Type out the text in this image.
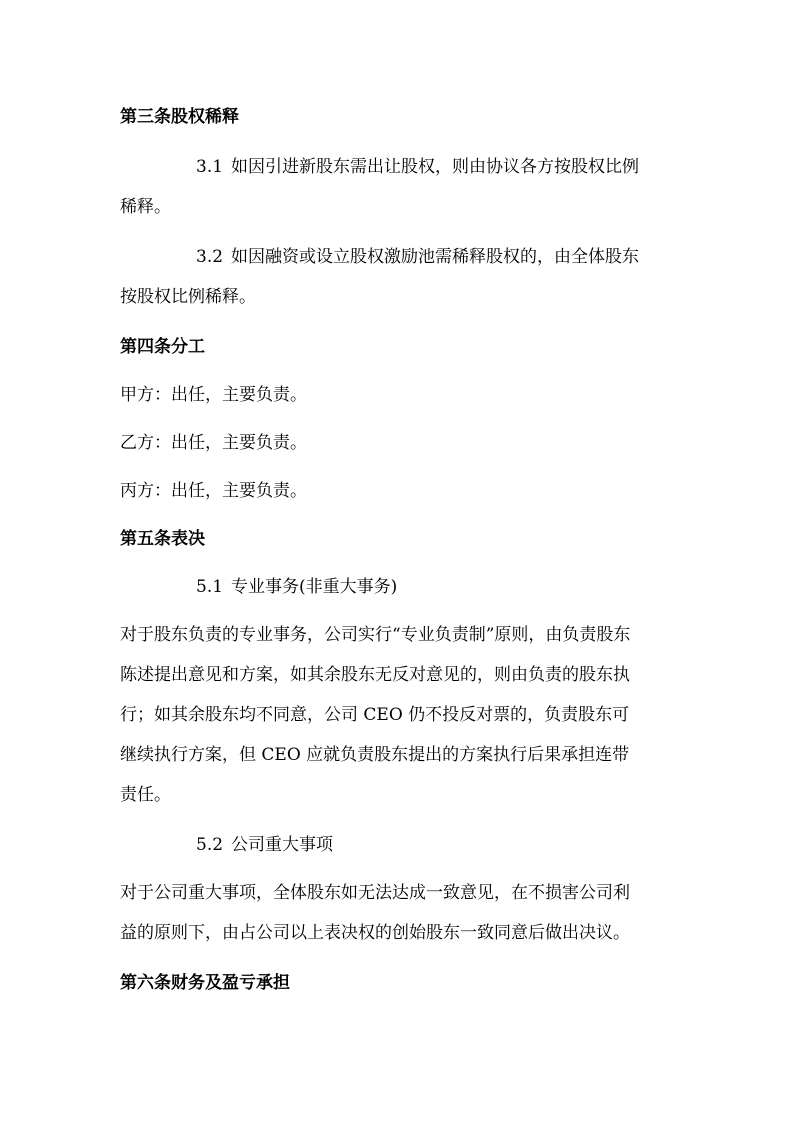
第三条股权稀释
3.1 如因引进新股东需出让股权，则由协议各方按股权比例
稀释。
3.2 如因融资或设立股权激励池需稀释股权的，由全体股东
按股权比例稀释。
第四条分工
甲方：出任，主要负责。
乙方：出任，主要负责。
丙方：出任，主要负责。
第五条表决
5.1 专业事务(非重大事务)
对于股东负责的专业事务，公司实行“专业负责制”原则，由负责股东
陈述提出意见和方案，如其余股东无反对意见的，则由负责的股东执
行；如其余股东均不同意，公司 CEO 仍不投反对票的，负责股东可
继续执行方案，但 CEO 应就负责股东提出的方案执行后果承担连带
责任。
5.2 公司重大事项
对于公司重大事项，全体股东如无法达成一致意见，在不损害公司利
益的原则下，由占公司以上表决权的创始股东一致同意后做出决议。
第六条财务及盈亏承担
